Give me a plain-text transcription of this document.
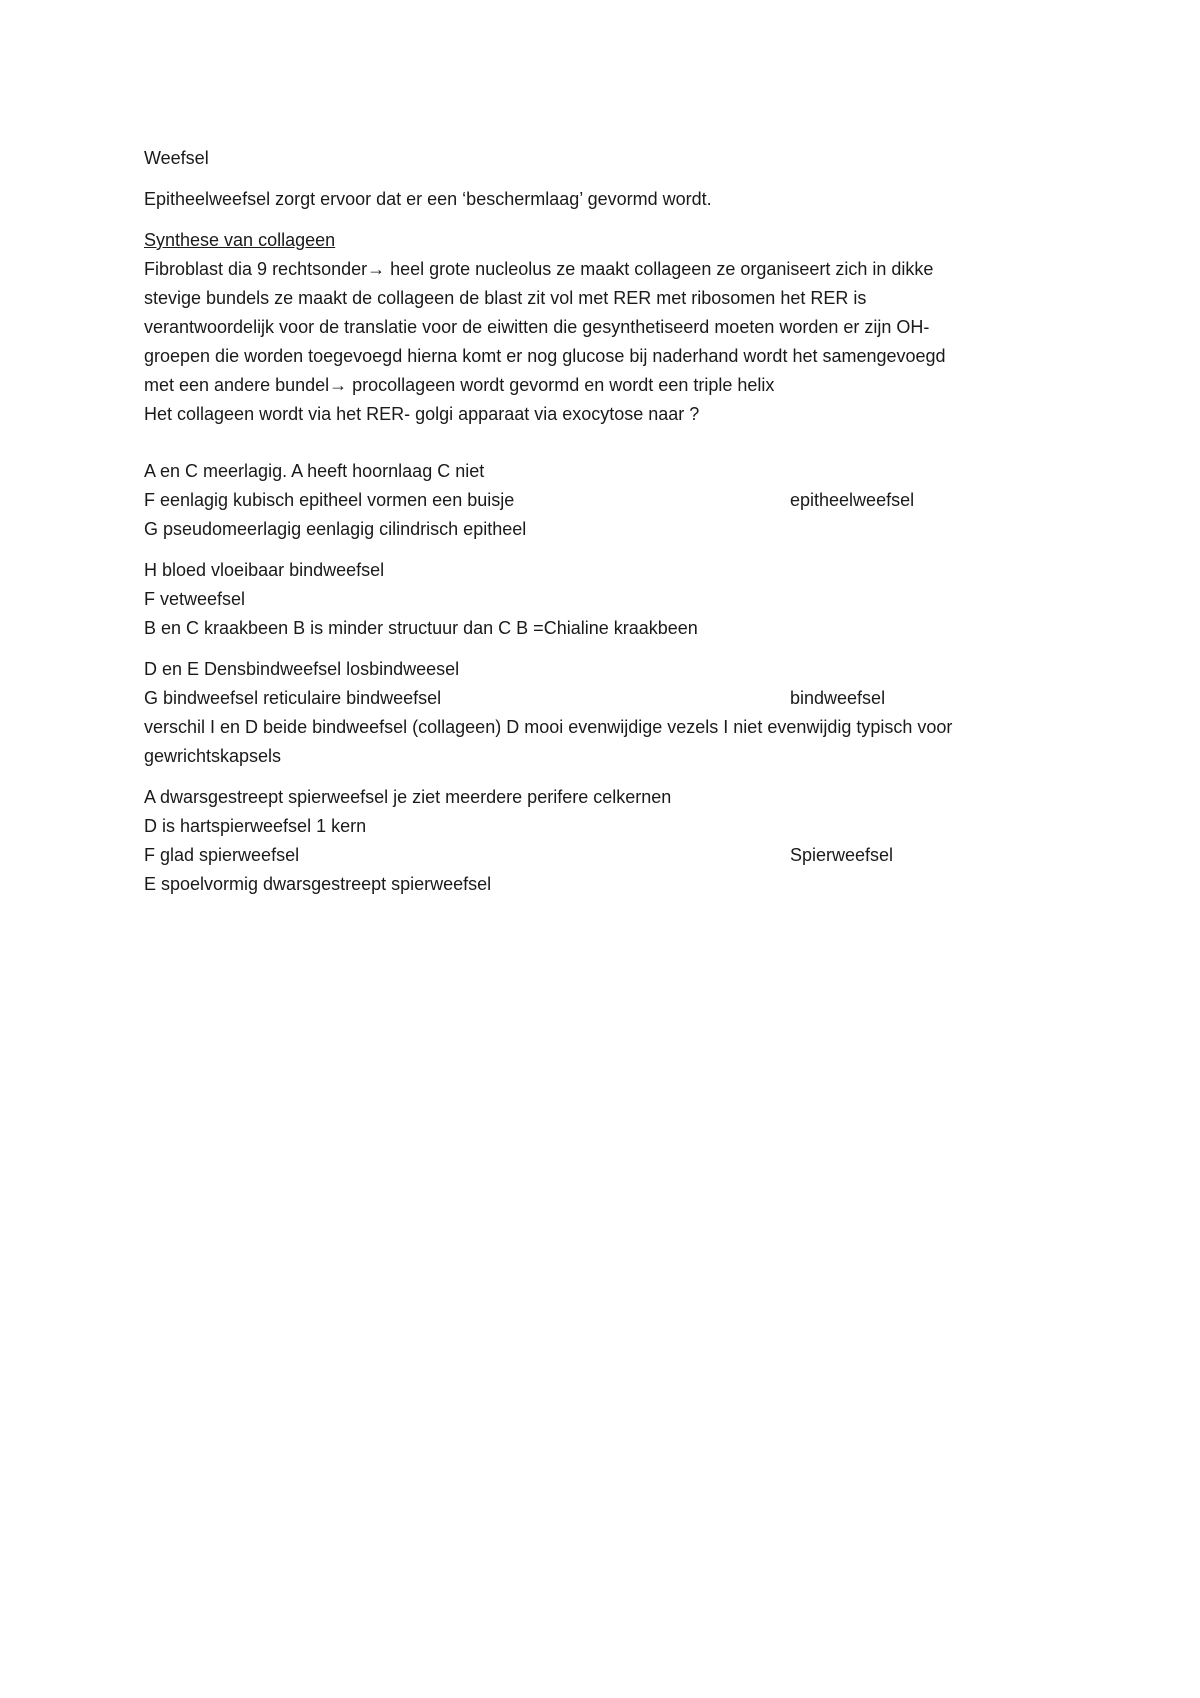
Weefsel
Epitheelweefsel zorgt ervoor dat er een ‘beschermlaag’ gevormd wordt.
Synthese van collageen
Fibroblast dia 9 rechtsonder→ heel grote nucleolus ze maakt collageen ze organiseert zich in dikke
stevige bundels ze maakt de collageen de blast zit vol met RER met ribosomen het RER is
verantwoordelijk voor de translatie voor de eiwitten die gesynthetiseerd moeten worden er zijn OH-
groepen die worden toegevoegd hierna komt er nog glucose bij naderhand wordt het samengevoegd
met een andere bundel→ procollageen wordt gevormd en wordt een triple helix
Het collageen wordt via het RER- golgi apparaat via exocytose naar ?
A en C meerlagig. A heeft hoornlaag C niet
F eenlagig kubisch epitheel vormen een buisje	epitheelweefsel
G pseudomeerlagig eenlagig cilindrisch epitheel
H bloed vloeibaar bindweefsel
F vetweefsel
B en C kraakbeen B is minder structuur dan C B =Chialine kraakbeen
D en E Densbindweefsel losbindweesel
G bindweefsel reticulaire bindweefsel	bindweefsel
verschil I en D beide bindweefsel (collageen) D mooi evenwijdige vezels I niet evenwijdig typisch voor
gewrichtskapsels
A dwarsgestreept spierweefsel je ziet meerdere perifere celkernen
D is hartspierweefsel 1 kern
F glad spierweefsel	Spierweefsel
E spoelvormig dwarsgestreept spierweefsel
